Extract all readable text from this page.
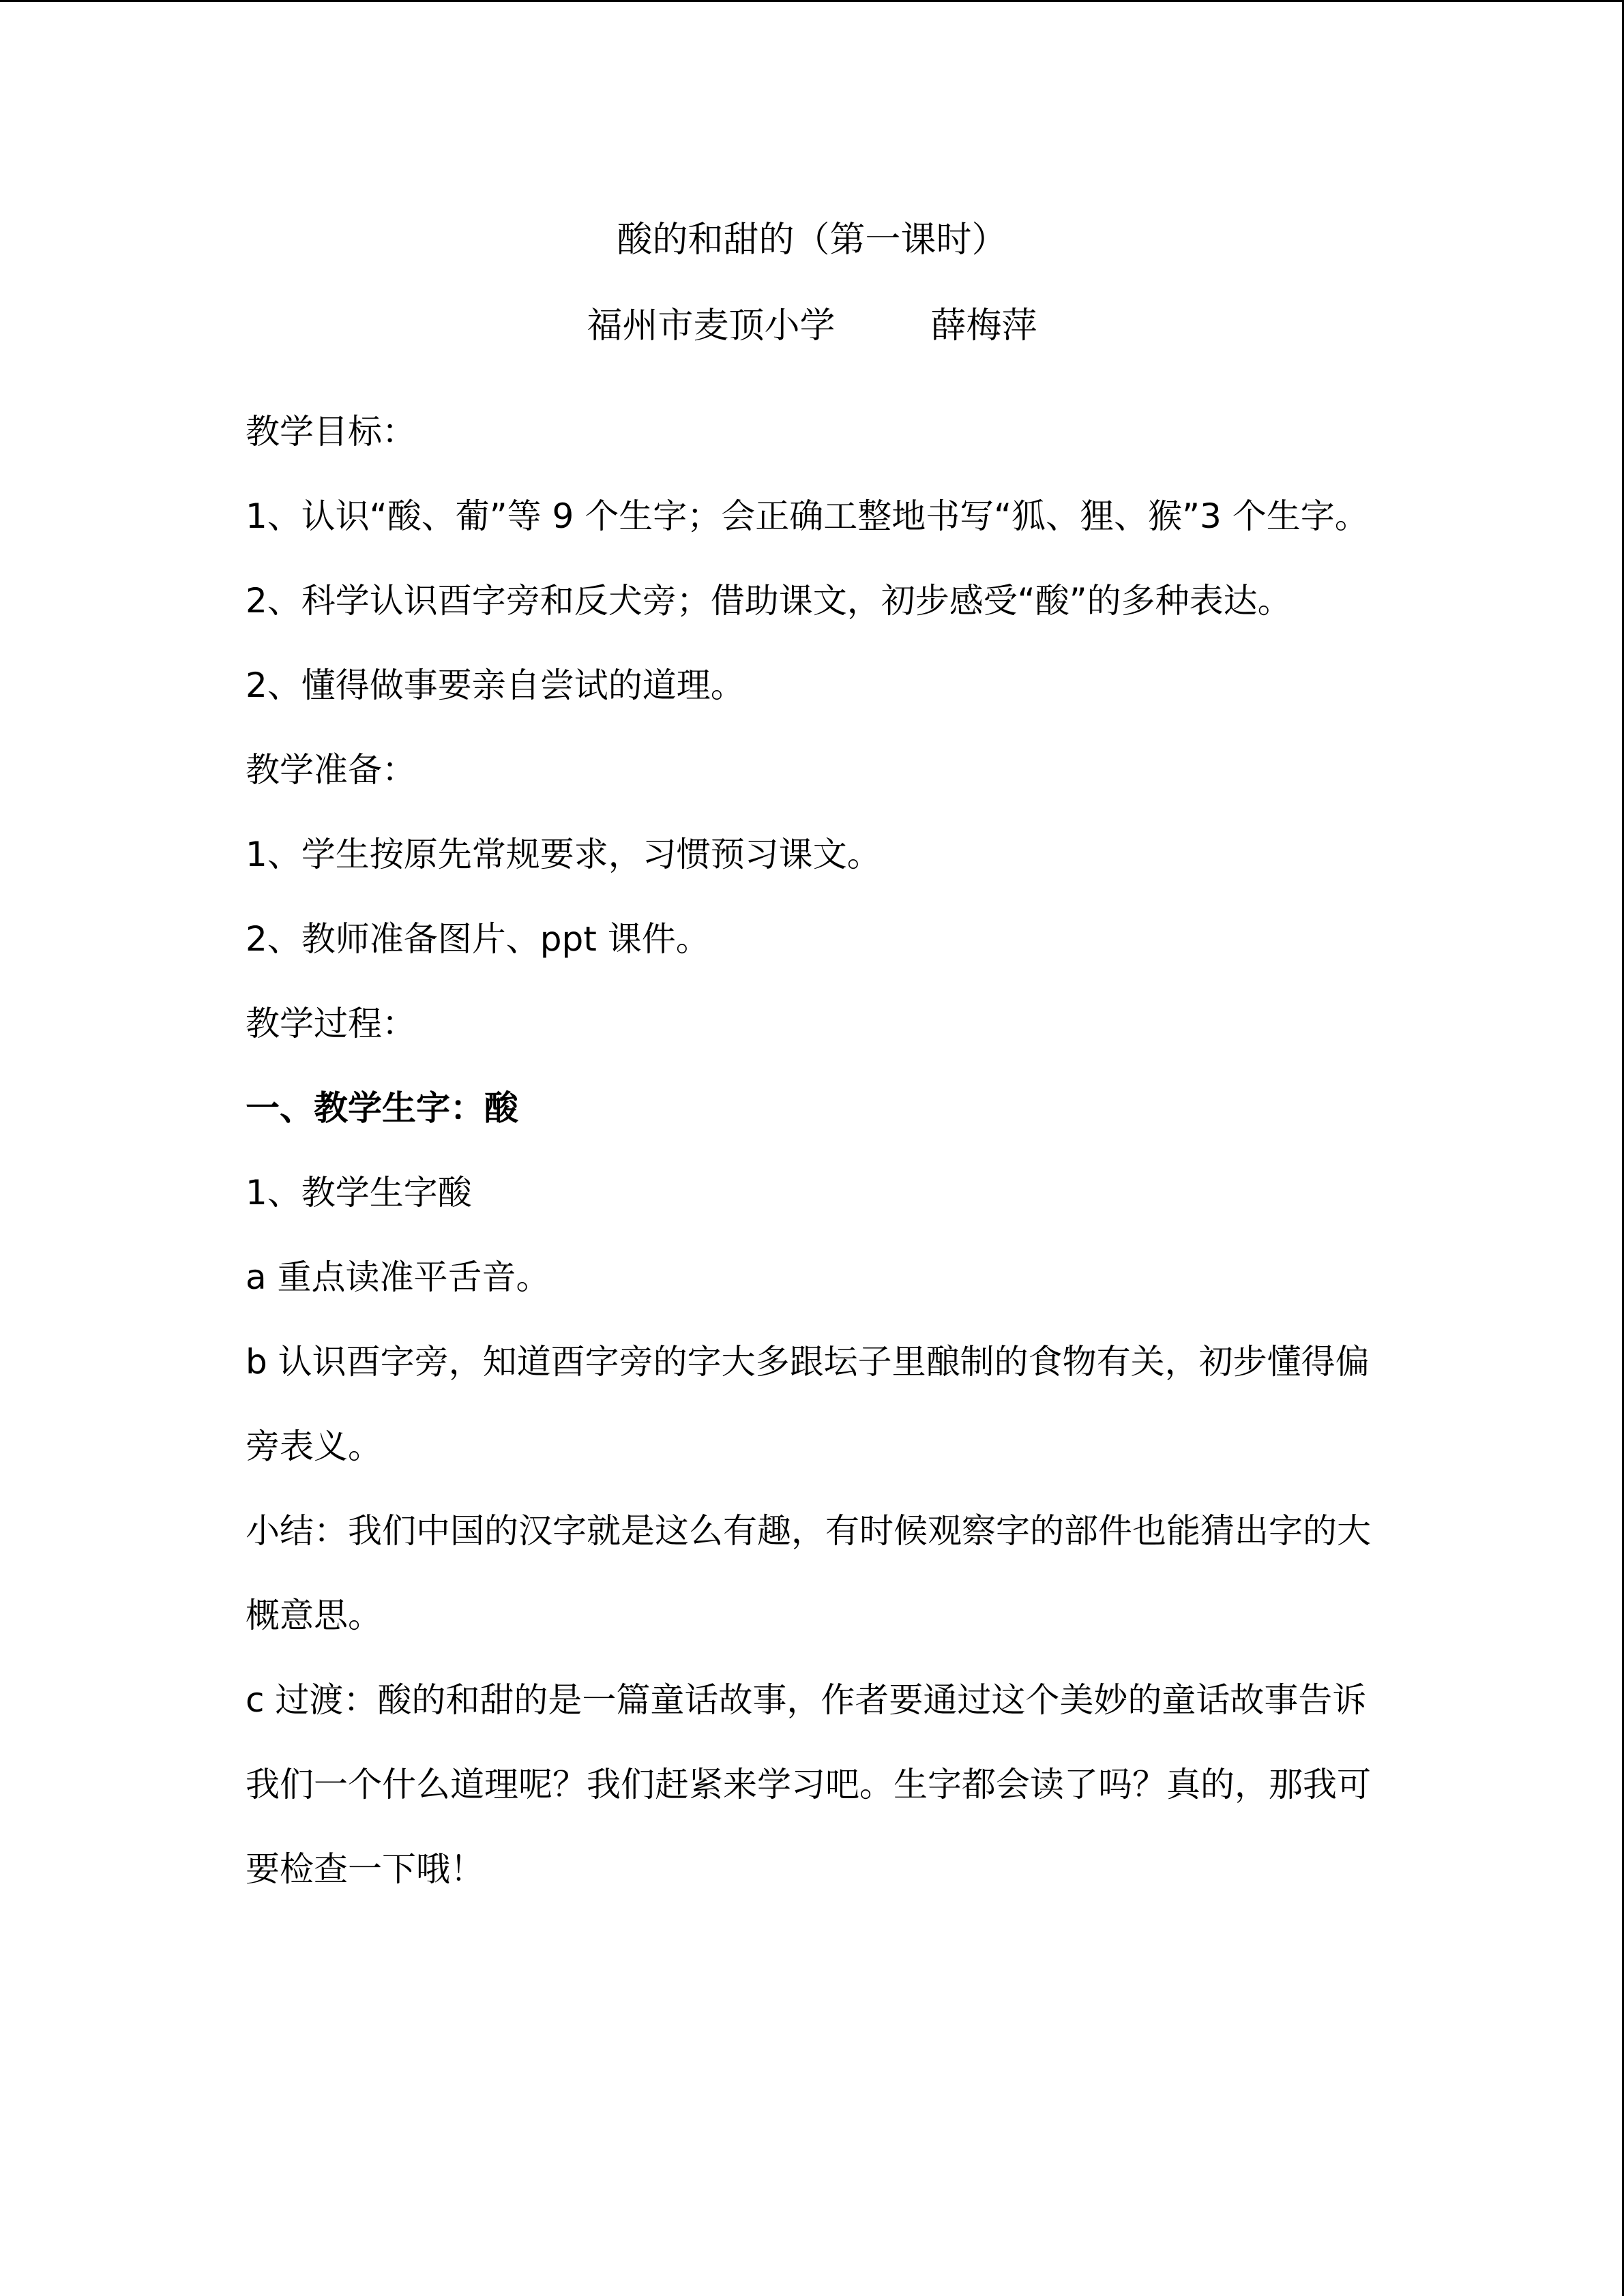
酸的和甜的（第一课时）
福州市麦顶小学	薛梅萍

教学目标：

1、认识“酸、葡”等 9 个生字；会正确工整地书写“狐、狸、猴”3 个生字。

2、科学认识酉字旁和反犬旁；借助课文，初步感受“酸”的多种表达。

2、懂得做事要亲自尝试的道理。

教学准备：

1、学生按原先常规要求，习惯预习课文。

2、教师准备图片、ppt 课件。

教学过程：

一、教学生字：酸

1、教学生字酸

a 重点读准平舌音。

b 认识酉字旁，知道酉字旁的字大多跟坛子里酿制的食物有关，初步懂得偏旁表义。

小结：我们中国的汉字就是这么有趣，有时候观察字的部件也能猜出字的大概意思。

c 过渡：酸的和甜的是一篇童话故事，作者要通过这个美妙的童话故事告诉我们一个什么道理呢？我们赶紧来学习吧。生字都会读了吗？真的，那我可要检查一下哦！
